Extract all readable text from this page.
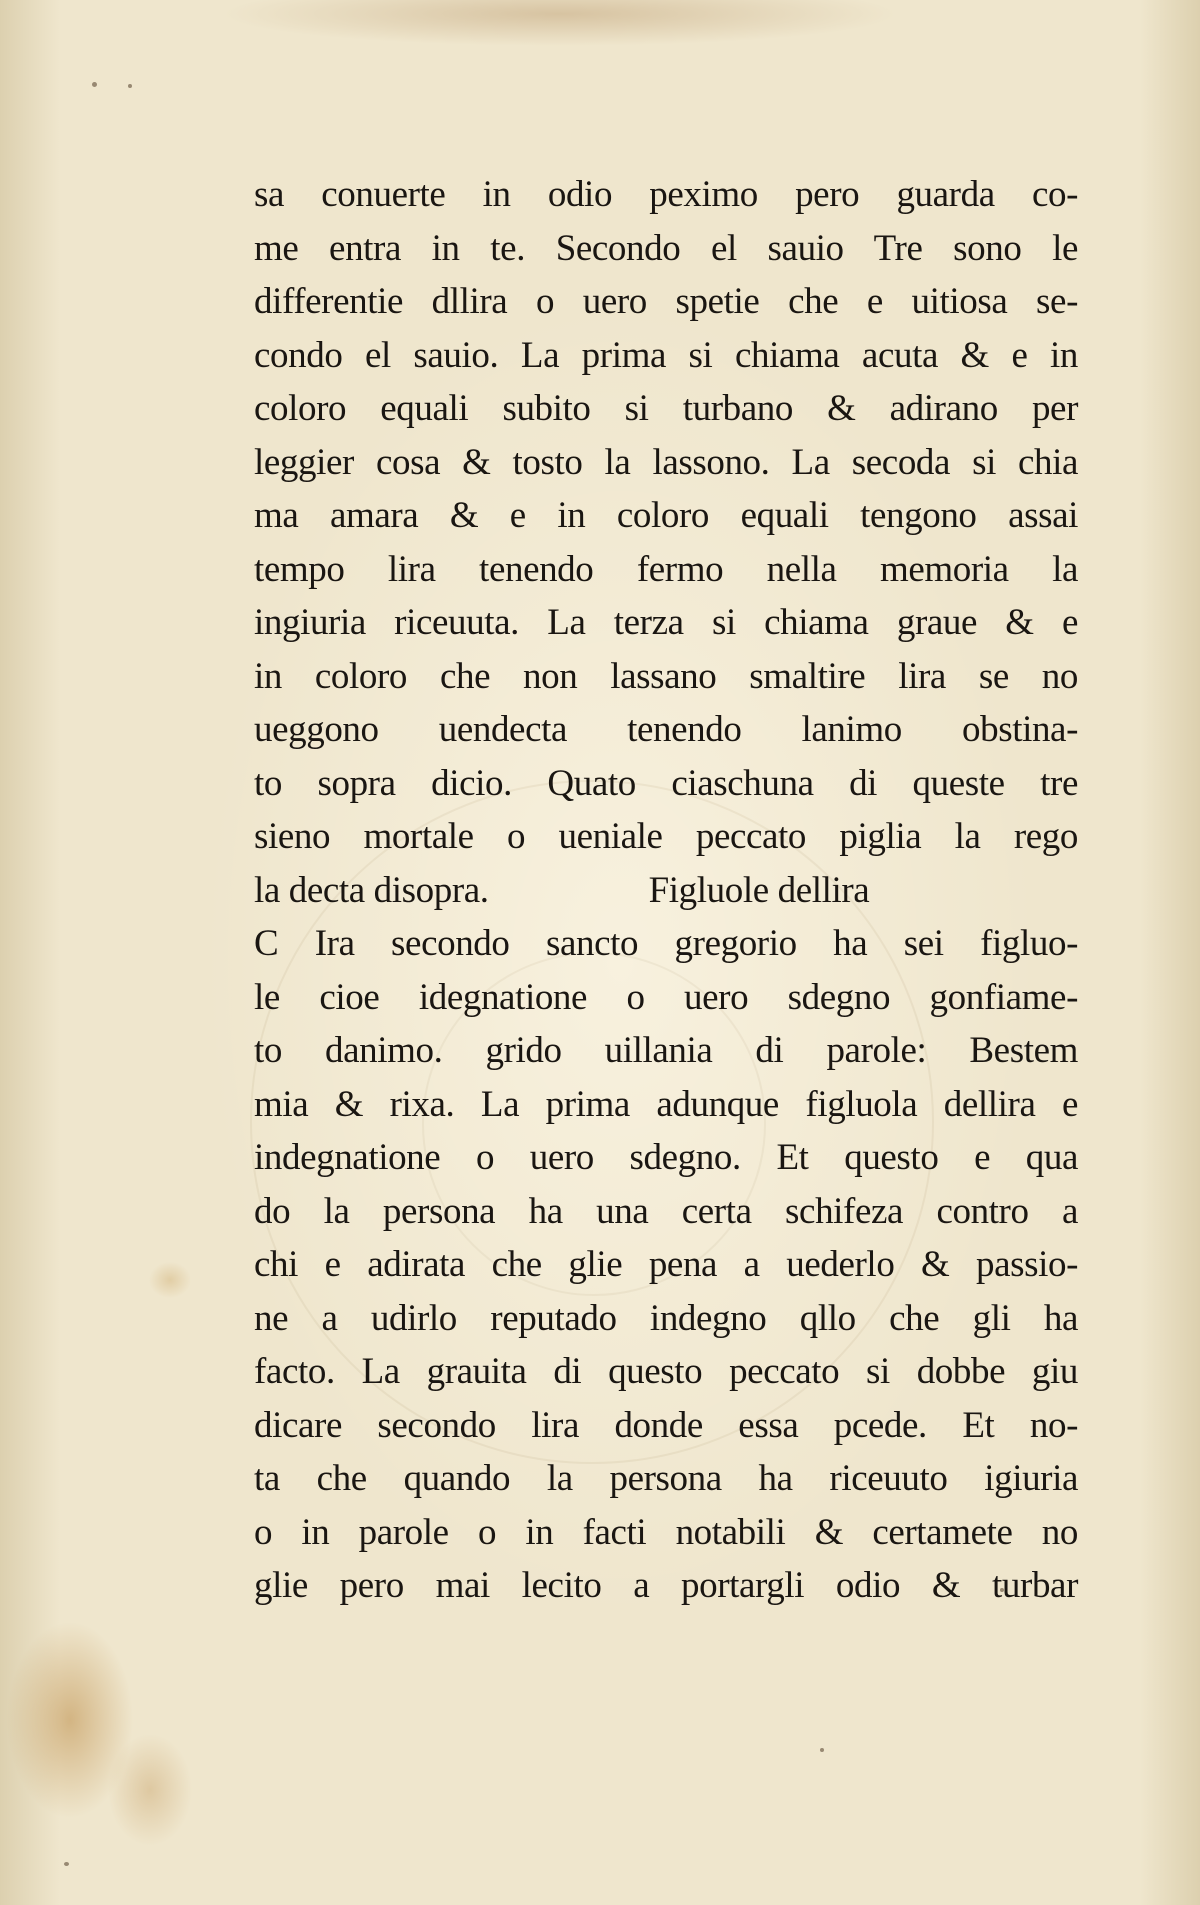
sa conuerte in odio peximo pero guarda co-
me entra in te. Secondo el sauio Tre sono le
differentie dllira o uero spetie che e uitiosa se-
condo el sauio. La prima si chiama acuta & e in
coloro equali subito si turbano & adirano per
leggier cosa & tosto la lassono. La secoda si chia
ma amara & e in coloro equali tengono assai
tempo lira tenendo fermo nella memoria la
ingiuria riceuuta. La terza si chiama graue & e
in coloro che non lassano smaltire lira se no
ueggono uendecta tenendo lanimo obstina-
to sopra dicio. Quato ciaschuna di queste tre
sieno mortale o ueniale peccato piglia la rego
la decta disopra.	Figluole dellira
C Ira secondo sancto gregorio ha sei figluo-
le cioe idegnatione o uero sdegno gonfiame-
to danimo. grido uillania di parole: Bestem
mia & rixa. La prima adunque figluola dellira e
indegnatione o uero sdegno. Et questo e qua
do la persona ha una certa schifeza contro a
chi e adirata che glie pena a uederlo & passio-
ne a udirlo reputado indegno qllo che gli ha
facto. La grauita di questo peccato si dobbe giu
dicare secondo lira donde essa pcede. Et no-
ta che quando la persona ha riceuuto igiuria
o in parole o in facti notabili & certamete no
glie pero mai lecito a portargli odio & turbar
